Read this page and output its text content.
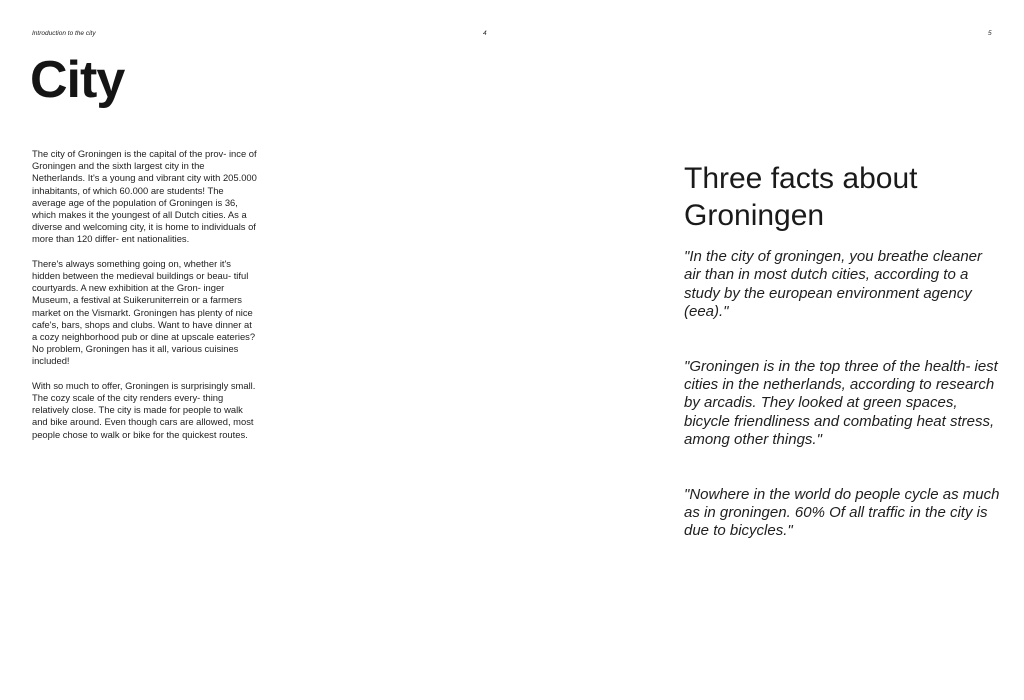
Introduction to the city	4
City

The city of Groningen is the capital of the prov- ince of Groningen and the sixth largest city in the Netherlands. It's a young and vibrant city with 205.000 inhabitants, of which 60.000 are students! The average age of the population of Groningen is 36, which makes it the youngest of all Dutch cities. As a diverse and welcoming city, it is home to individuals of more than 120 differ- ent nationalities.

There's always something going on, whether it's hidden between the medieval buildings or beau- tiful courtyards. A new exhibition at the Gron- inger Museum, a festival at Suikeruniterrein or a farmers market on the Vismarkt. Groningen has plenty of nice cafe's, bars, shops and clubs. Want to have dinner at a cozy neighborhood pub or dine at upscale eateries? No problem, Groningen has it all, various cuisines included!

With so much to offer, Groningen is surprisingly small. The cozy scale of the city renders every- thing relatively close. The city is made for people to walk and bike around. Even though cars are allowed, most people chose to walk or bike for the quickest routes.

5
Three facts about Groningen

"In the city of groningen, you breathe cleaner air than in most dutch cities, according to a study by the european environment agency (eea)."

"Groningen is in the top three of the health- iest cities in the netherlands, according to research by arcadis. They looked at green spaces, bicycle friendliness and combating heat stress, among other things."

"Nowhere in the world do people cycle as much as in groningen. 60% Of all traffic in the city is due to bicycles."
